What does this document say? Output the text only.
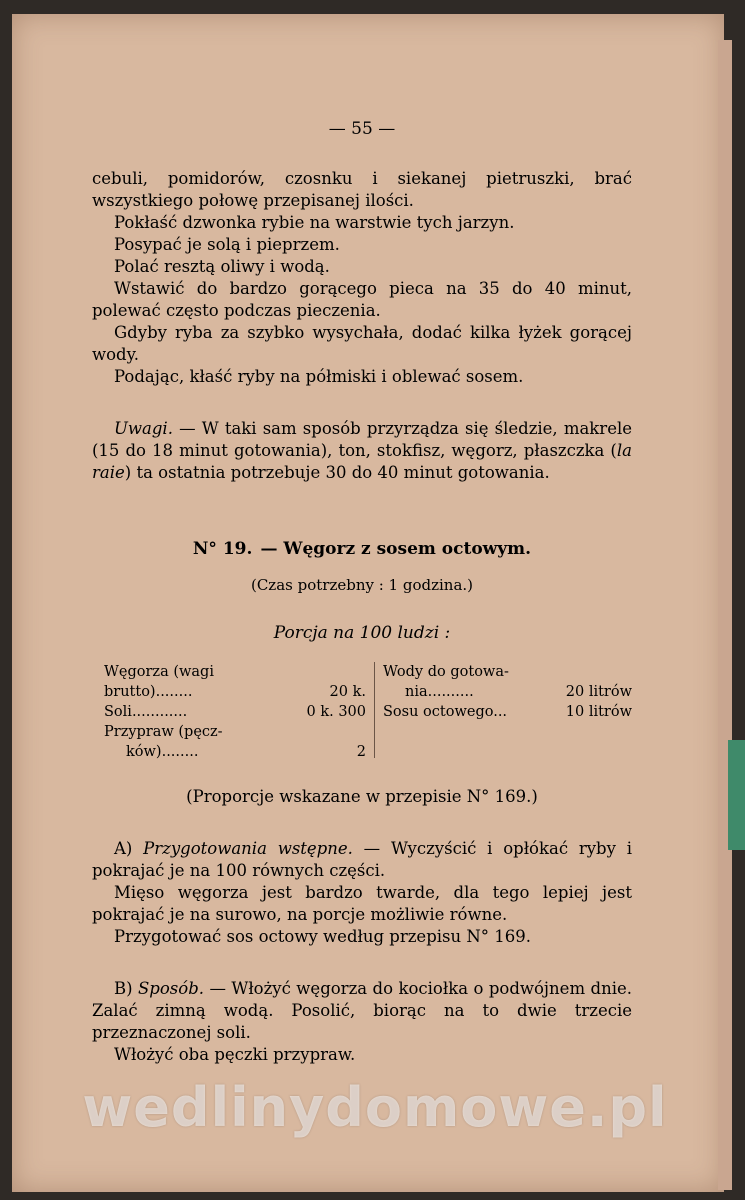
— 55 —

cebuli, pomidorów, czosnku i siekanej pietruszki, brać wszystkiego połowę przepisanej ilości.

Pokłaść dzwonka rybie na warstwie tych jarzyn.

Posypać je solą i pieprzem.

Polać resztą oliwy i wodą.

Wstawić do bardzo gorącego pieca na 35 do 40 minut, polewać często podczas pieczenia.

Gdyby ryba za szybko wysychała, dodać kilka łyżek gorącej wody.

Podając, kłaść ryby na półmiski i oblewać sosem.

Uwagi. — W taki sam sposób przyrządza się śledzie, makrele (15 do 18 minut gotowania), ton, stokfisz, węgorz, płaszczka (la raie) ta ostatnia potrzebuje 30 do 40 minut gotowania.

N° 19. — Węgorz z sosem octowym.
(Czas potrzebny : 1 godzina.)
Porcja na 100 ludzi :
Węgorza (wagi
brutto)........	20 k.
Soli............	0 k. 300
Przypraw (pęcz-
ków)........	2
Wody do gotowa-
nia..........	20 litrów
Sosu octowego...	10 litrów
(Proporcje wskazane w przepisie N° 169.)

A) Przygotowania wstępne. — Wyczyścić i opłókać ryby i pokrajać je na 100 równych części.

Mięso węgorza jest bardzo twarde, dla tego lepiej jest pokrajać je na surowo, na porcje możliwie równe.

Przygotować sos octowy według przepisu N° 169.

B) Sposób. — Włożyć węgorza do kociołka o podwójnem dnie. Zalać zimną wodą. Posolić, biorąc na to dwie trzecie przeznaczonej soli.

Włożyć oba pęczki przypraw.

wedlinydomowe.pl
